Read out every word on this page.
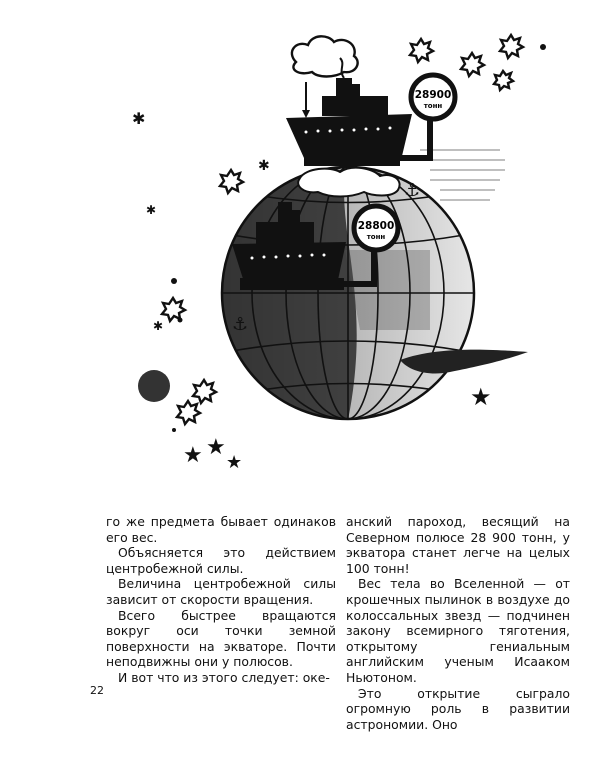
✱
✱
✱
✱
★
★ ★
★
28900
тонн
28800
тонн
⚓
⚓

го же предмета бывает одинаков его вес.

Объясняется это действием центробежной силы.

Величина центробежной силы зависит от скорости вращения.

Всего быстрее вращаются вокруг оси точки земной поверхности на экваторе. Почти неподвижны они у полюсов.

И вот что из этого следует: оке-

анский пароход, весящий на Северном полюсе 28 900 тонн, у экватора станет легче на целых 100 тонн!

Вес тела во Вселенной — от крошечных пылинок в воздухе до колоссальных звезд — подчинен закону всемирного тяготения, открытому гениальным английским ученым Исааком Ньютоном.

Это открытие сыграло огромную роль в развитии астрономии. Оно

22
